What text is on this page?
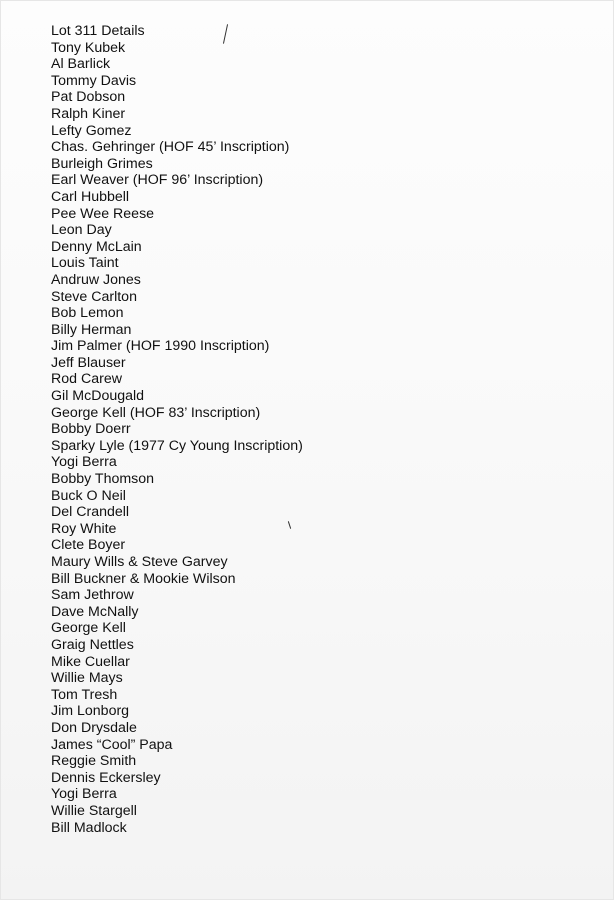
Lot 311 Details
Tony Kubek
Al Barlick
Tommy Davis
Pat Dobson
Ralph Kiner
Lefty Gomez
Chas. Gehringer (HOF 45’ Inscription)
Burleigh Grimes
Earl Weaver (HOF 96’ Inscription)
Carl Hubbell
Pee Wee Reese
Leon Day
Denny McLain
Louis Taint
Andruw Jones
Steve Carlton
Bob Lemon
Billy Herman
Jim Palmer (HOF 1990 Inscription)
Jeff Blauser
Rod Carew
Gil McDougald
George Kell (HOF 83’ Inscription)
Bobby Doerr
Sparky Lyle (1977 Cy Young Inscription)
Yogi Berra
Bobby Thomson
Buck O Neil
Del Crandell
Roy White
Clete Boyer
Maury Wills & Steve Garvey
Bill Buckner & Mookie Wilson
Sam Jethrow
Dave McNally
George Kell
Graig Nettles
Mike Cuellar
Willie Mays
Tom Tresh
Jim Lonborg
Don Drysdale
James “Cool” Papa
Reggie Smith
Dennis Eckersley
Yogi Berra
Willie Stargell
Bill Madlock
